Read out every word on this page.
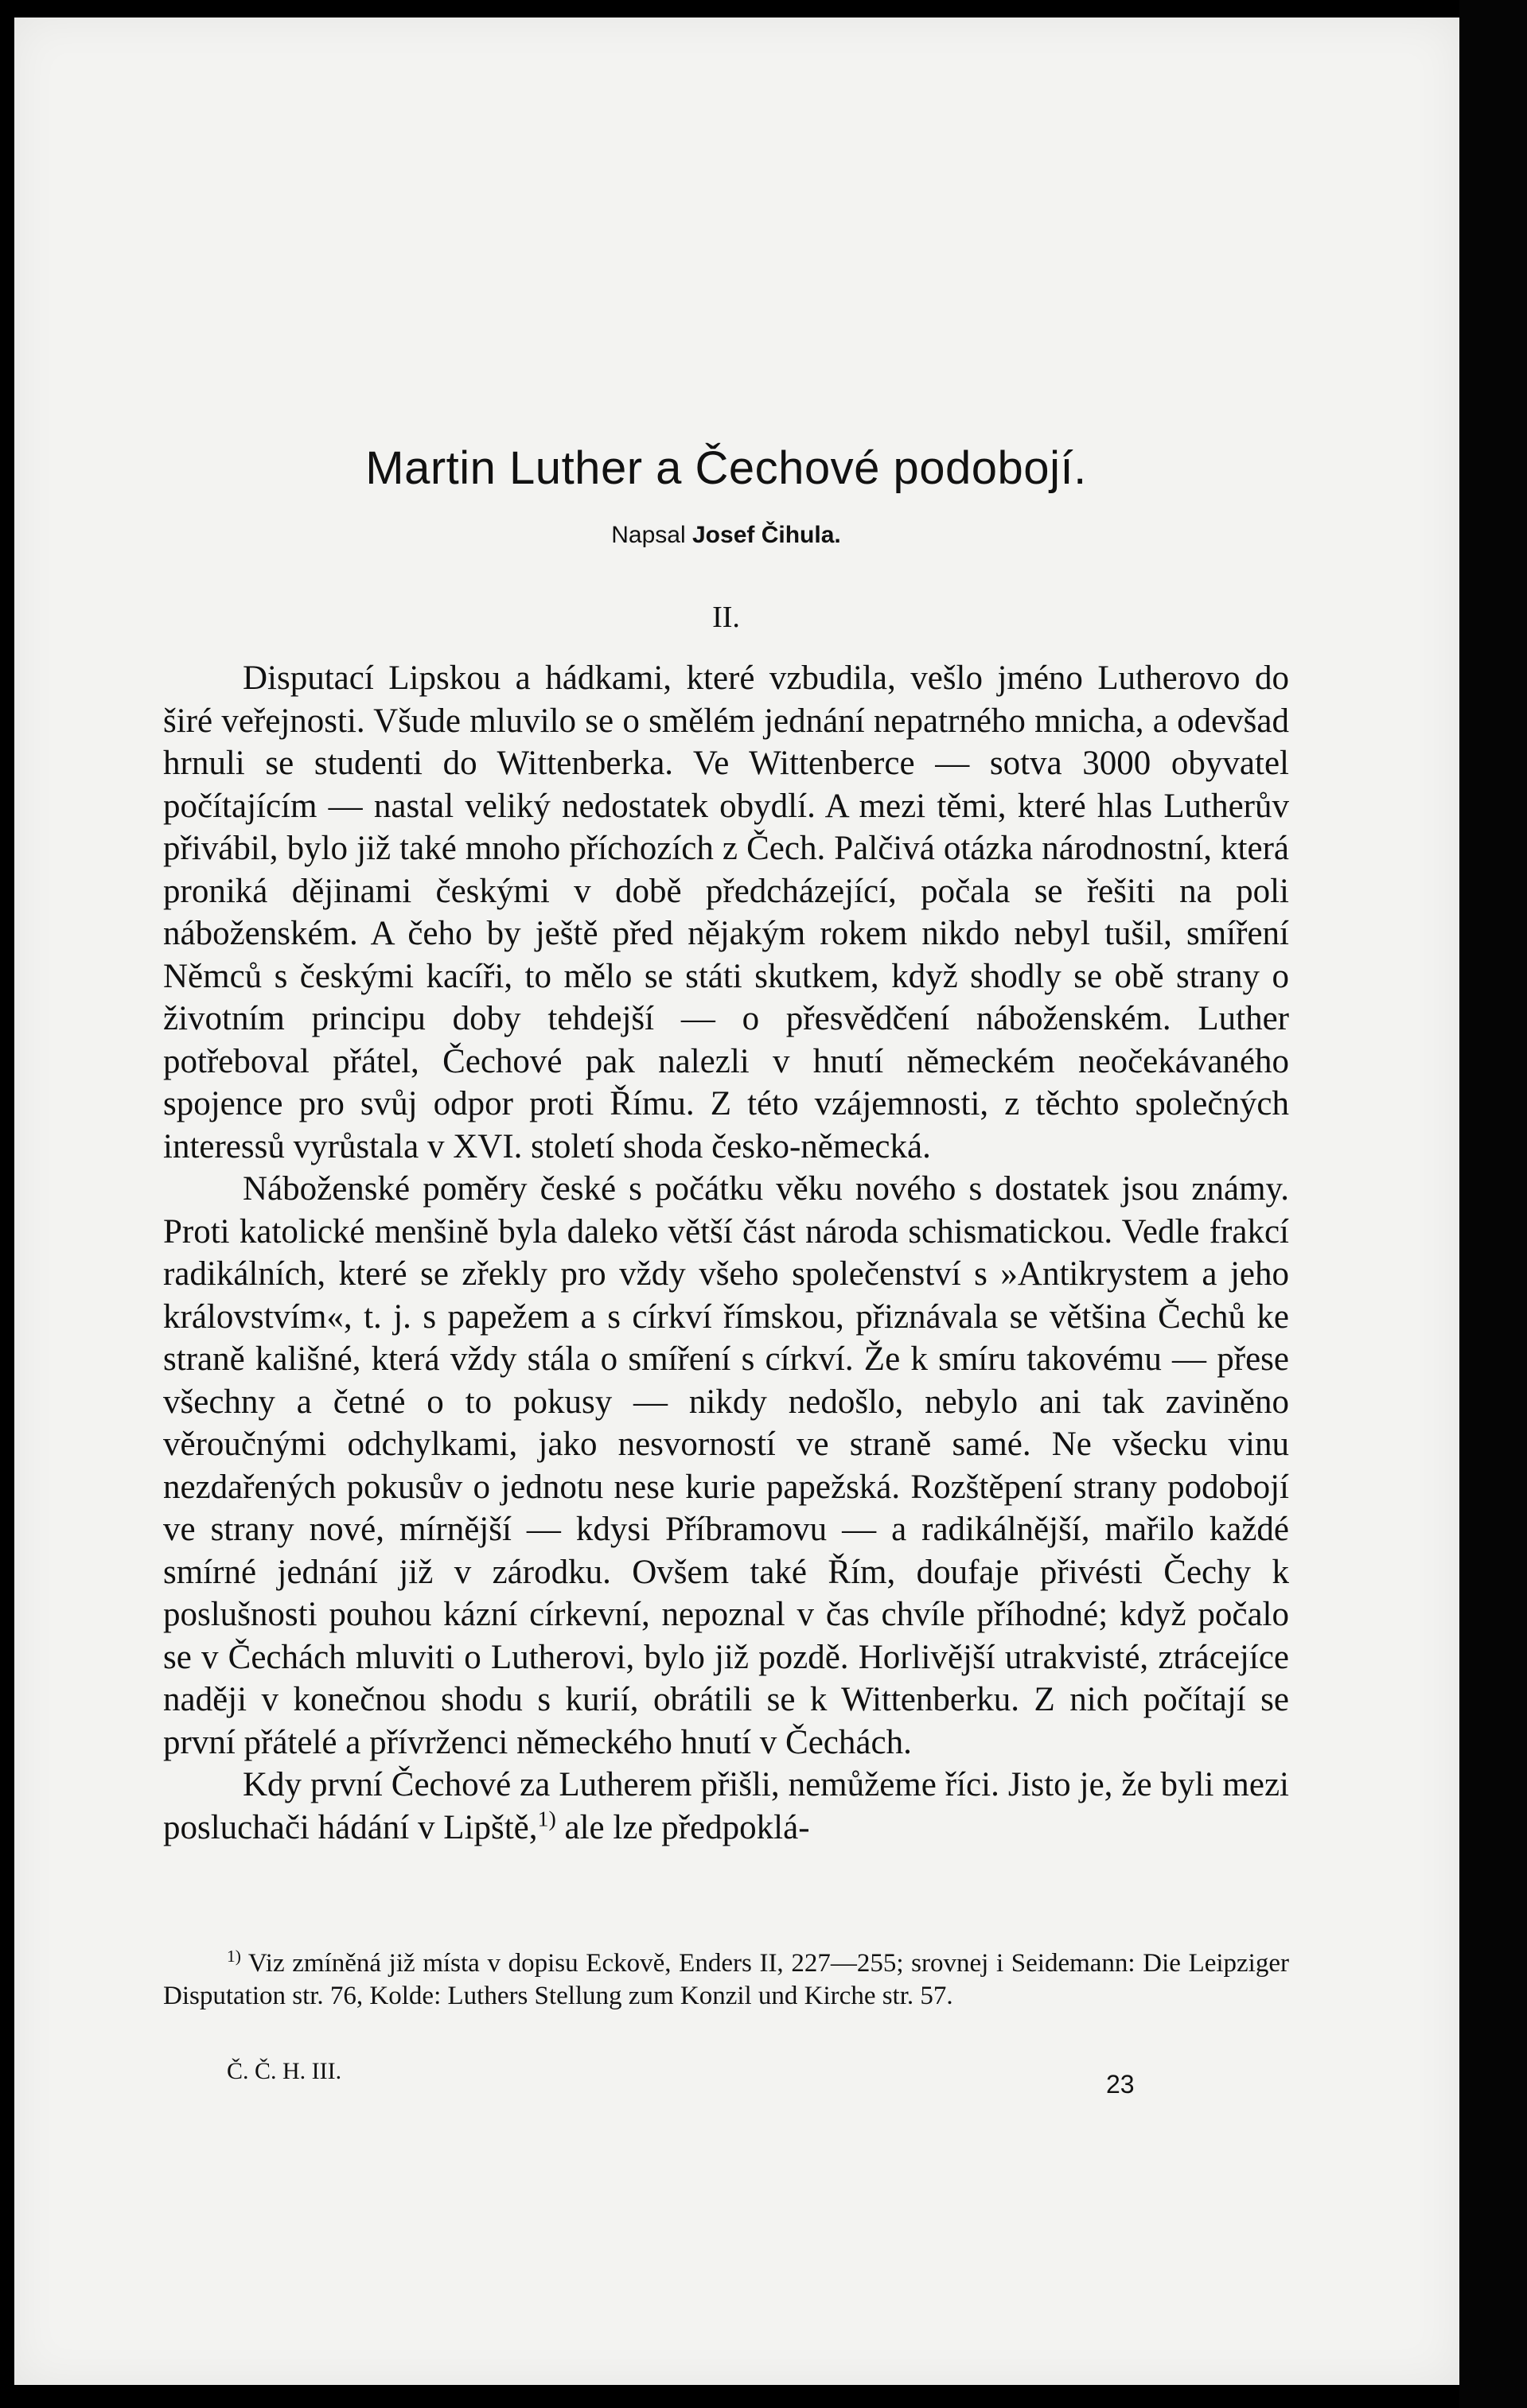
Martin Luther a Čechové podobojí.
Napsal Josef Čihula.
II.

Disputací Lipskou a hádkami, které vzbudila, vešlo jméno Lutherovo do širé veřejnosti. Všude mluvilo se o smělém jednání nepatrného mnicha, a odevšad hrnuli se studenti do Wittenberka. Ve Wittenberce — sotva 3000 obyvatel počítajícím — nastal veliký nedostatek obydlí. A mezi těmi, které hlas Lutherův přivábil, bylo již také mnoho příchozích z Čech. Palčivá otázka národnostní, která proniká dějinami českými v době předcházející, počala se řešiti na poli náboženském. A čeho by ještě před nějakým rokem nikdo nebyl tušil, smíření Němců s českými kacíři, to mělo se státi skutkem, když shodly se obě strany o životním principu doby tehdejší — o přesvědčení náboženském. Luther potřeboval přátel, Čechové pak nalezli v hnutí německém neočekávaného spojence pro svůj odpor proti Římu. Z této vzájemnosti, z těchto společných interessů vyrůstala v XVI. století shoda česko-německá.

Náboženské poměry české s počátku věku nového s dostatek jsou známy. Proti katolické menšině byla daleko větší část národa schismatickou. Vedle frakcí radikálních, které se zřekly pro vždy všeho společenství s »Antikrystem a jeho královstvím«, t. j. s papežem a s církví římskou, přiznávala se většina Čechů ke straně kališné, která vždy stála o smíření s církví. Že k smíru takovému — přese všechny a četné o to pokusy — nikdy nedošlo, nebylo ani tak zaviněno věroučnými odchylkami, jako nesvorností ve straně samé. Ne všecku vinu nezdařených pokusův o jednotu nese kurie papežská. Rozštěpení strany podobojí ve strany nové, mírnější — kdysi Příbramovu — a radikálnější, mařilo každé smírné jednání již v zárodku. Ovšem také Řím, doufaje přivésti Čechy k poslušnosti pouhou kázní církevní, nepoznal v čas chvíle příhodné; když počalo se v Čechách mluviti o Lutherovi, bylo již pozdě. Horlivější utrakvisté, ztrácejíce naději v konečnou shodu s kurií, obrátili se k Wittenberku. Z nich počítají se první přátelé a přívrženci německého hnutí v Čechách.

Kdy první Čechové za Lutherem přišli, nemůžeme říci. Jisto je, že byli mezi posluchači hádání v Lipště,$^{1)}$ ale lze předpoklá-

$^{1)}$ Viz zmíněná již místa v dopisu Eckově, Enders II, 227—255; srovnej i Seidemann: Die Leipziger Disputation str. 76, Kolde: Luthers Stellung zum Konzil und Kirche str. 57.

Č. Č. H. III.	23
